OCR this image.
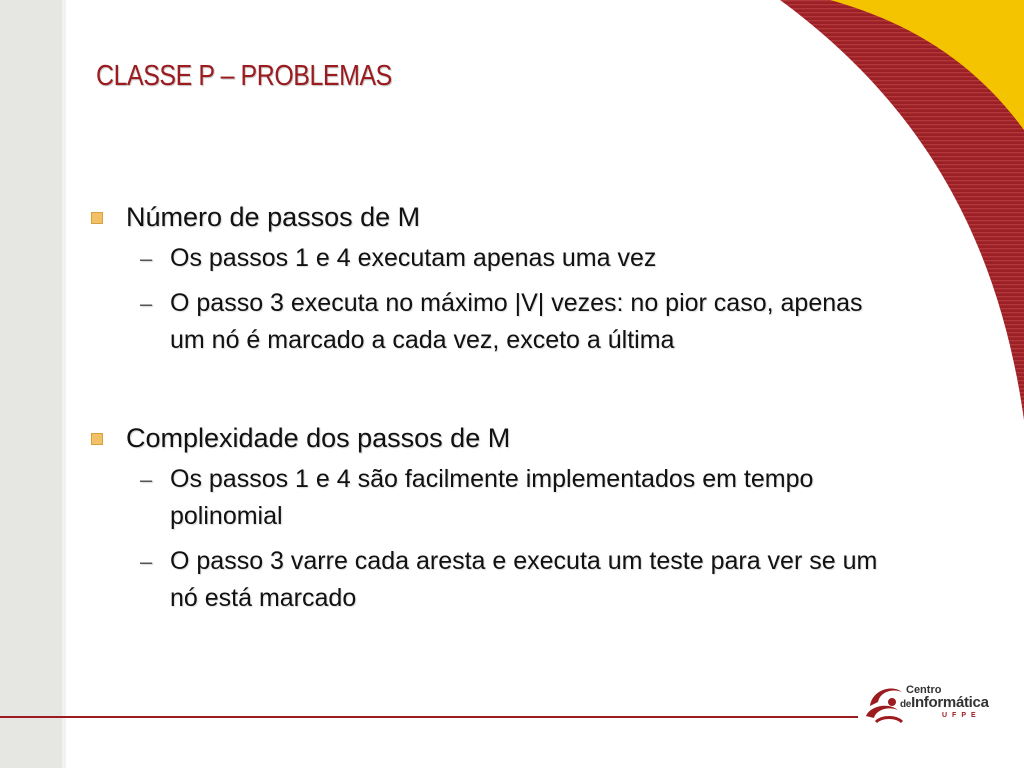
CLASSE P – PROBLEMAS
Número de passos de M
– Os passos 1 e 4 executam apenas uma vez
– O passo 3 executa no máximo |V| vezes: no pior caso, apenas um nó é marcado a cada vez, exceto a última
Complexidade dos passos de M
– Os passos 1 e 4 são facilmente implementados em tempo polinomial
– O passo 3 varre cada aresta e executa um teste para ver se um nó está marcado
Centro
deInformática
UFPE
